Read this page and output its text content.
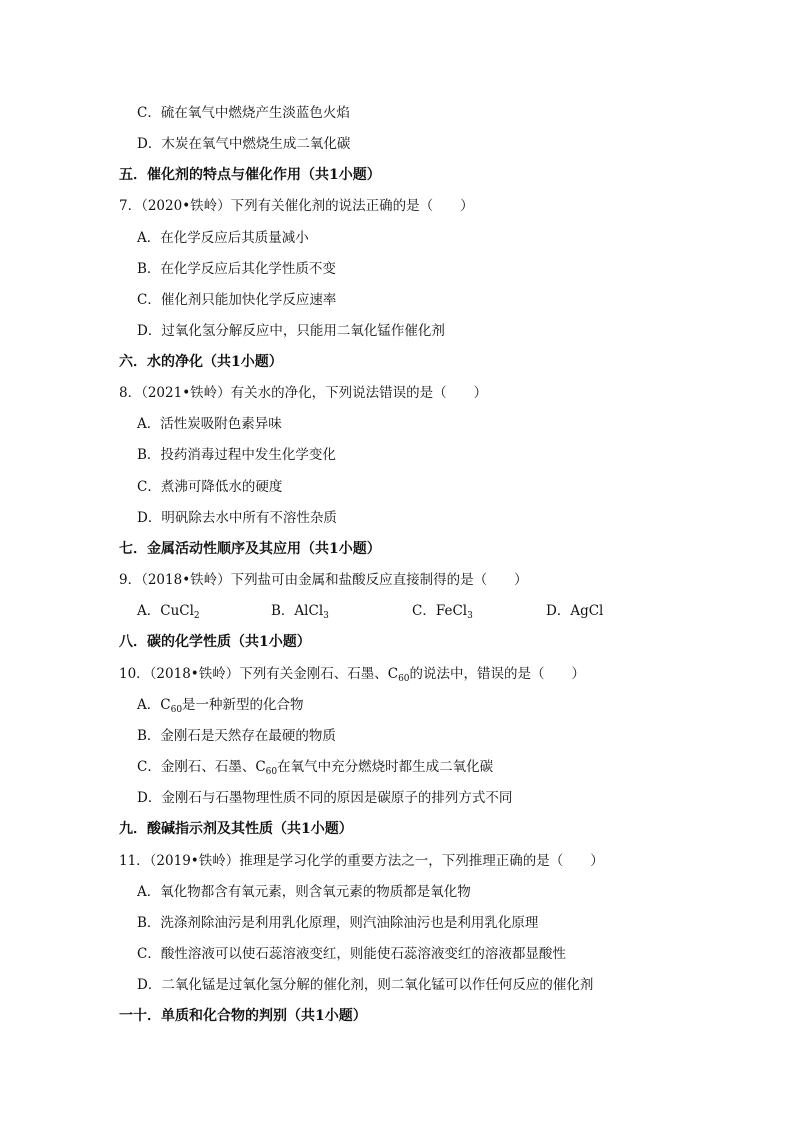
C．硫在氧气中燃烧产生淡蓝色火焰
D．木炭在氧气中燃烧生成二氧化碳
五．催化剂的特点与催化作用（共1小题）
7．（2020•铁岭）下列有关催化剂的说法正确的是（　　）
A．在化学反应后其质量减小
B．在化学反应后其化学性质不变
C．催化剂只能加快化学反应速率
D．过氧化氢分解反应中，只能用二氧化锰作催化剂
六．水的净化（共1小题）
8．（2021•铁岭）有关水的净化，下列说法错误的是（　　）
A．活性炭吸附色素异味
B．投药消毒过程中发生化学变化
C．煮沸可降低水的硬度
D．明矾除去水中所有不溶性杂质
七．金属活动性顺序及其应用（共1小题）
9．（2018•铁岭）下列盐可由金属和盐酸反应直接制得的是（　　）
A．CuCl$_2$	B．AlCl$_3$	C．FeCl$_3$	D．AgCl
八．碳的化学性质（共1小题）
10．（2018•铁岭）下列有关金刚石、石墨、$C_{60}$的说法中，错误的是（　　）
A．$C_{60}$是一种新型的化合物
B．金刚石是天然存在最硬的物质
C．金刚石、石墨、$C_{60}$在氧气中充分燃烧时都生成二氧化碳
D．金刚石与石墨物理性质不同的原因是碳原子的排列方式不同
九．酸碱指示剂及其性质（共1小题）
11．（2019•铁岭）推理是学习化学的重要方法之一，下列推理正确的是（　　）
A．氧化物都含有氧元素，则含氧元素的物质都是氧化物
B．洗涤剂除油污是利用乳化原理，则汽油除油污也是利用乳化原理
C．酸性溶液可以使石蕊溶液变红，则能使石蕊溶液变红的溶液都显酸性
D．二氧化锰是过氧化氢分解的催化剂，则二氧化锰可以作任何反应的催化剂
一十．单质和化合物的判别（共1小题）
